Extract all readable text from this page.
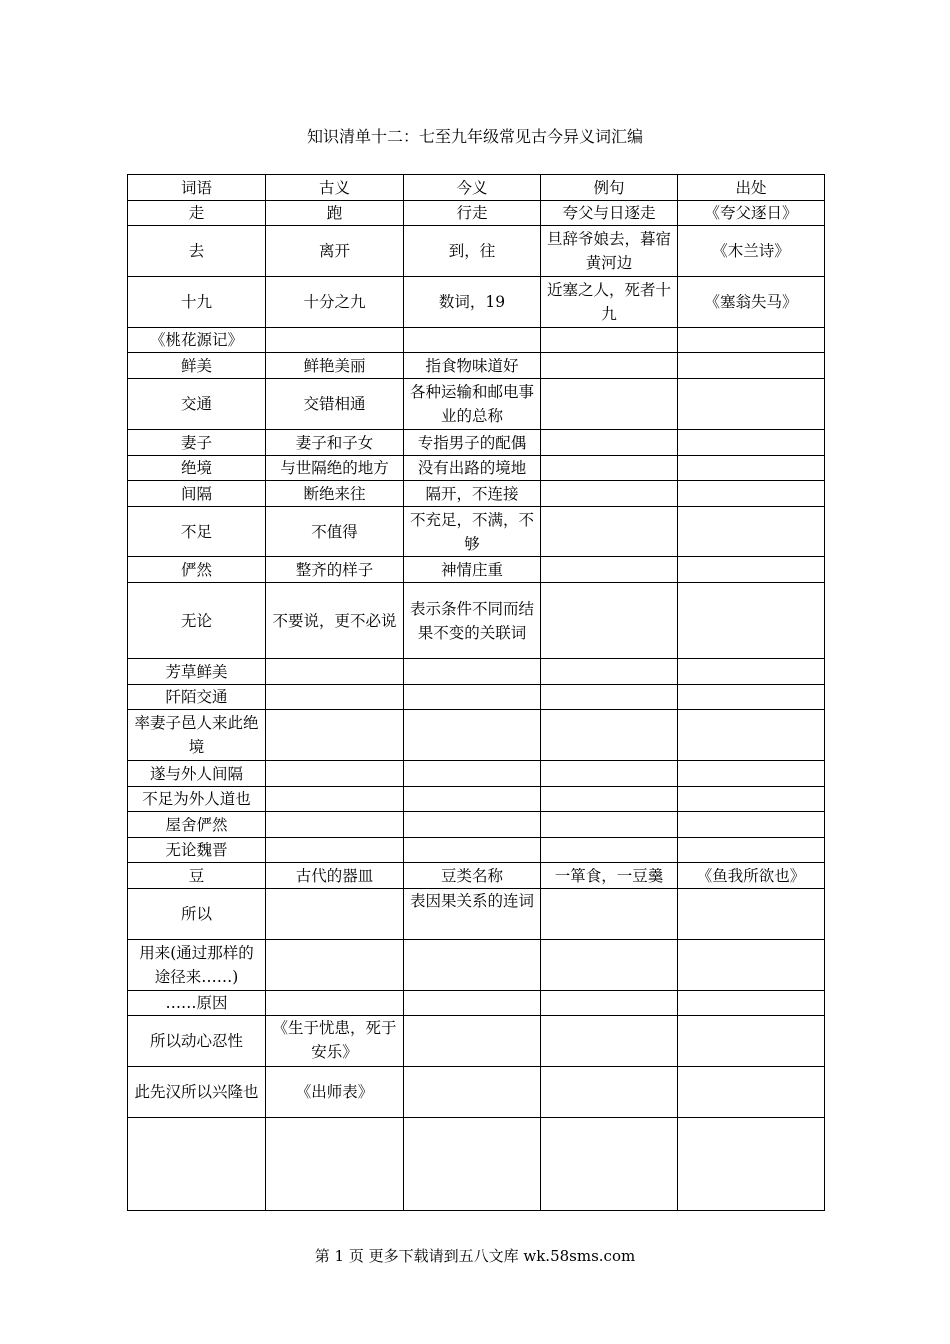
知识清单十二：七至九年级常见古今异义词汇编
词语	古义	今义	例句	出处
走	跑	行走	夸父与日逐走	《夸父逐日》
去	离开	到，往	旦辞爷娘去，暮宿黄河边	《木兰诗》
十九	十分之九	数词，19	近塞之人，死者十九	《塞翁失马》
《桃花源记》				
鲜美	鲜艳美丽	指食物味道好		
交通	交错相通	各种运输和邮电事业的总称		
妻子	妻子和子女	专指男子的配偶		
绝境	与世隔绝的地方	没有出路的境地		
间隔	断绝来往	隔开，不连接		
不足	不值得	不充足，不满，不够		
俨然	整齐的样子	神情庄重		
无论	不要说，更不必说	表示条件不同而结果不变的关联词		
芳草鲜美				
阡陌交通				
率妻子邑人来此绝境				
遂与外人间隔				
不足为外人道也				
屋舍俨然				
无论魏晋				
豆	古代的器皿	豆类名称	一箪食，一豆羹	《鱼我所欲也》
所以		表因果关系的连词		
用来(通过那样的途径来……)				
……原因				
所以动心忍性	《生于忧患，死于安乐》			
此先汉所以兴隆也	《出师表》			

第 1 页 更多下载请到五八文库 wk.58sms.com
